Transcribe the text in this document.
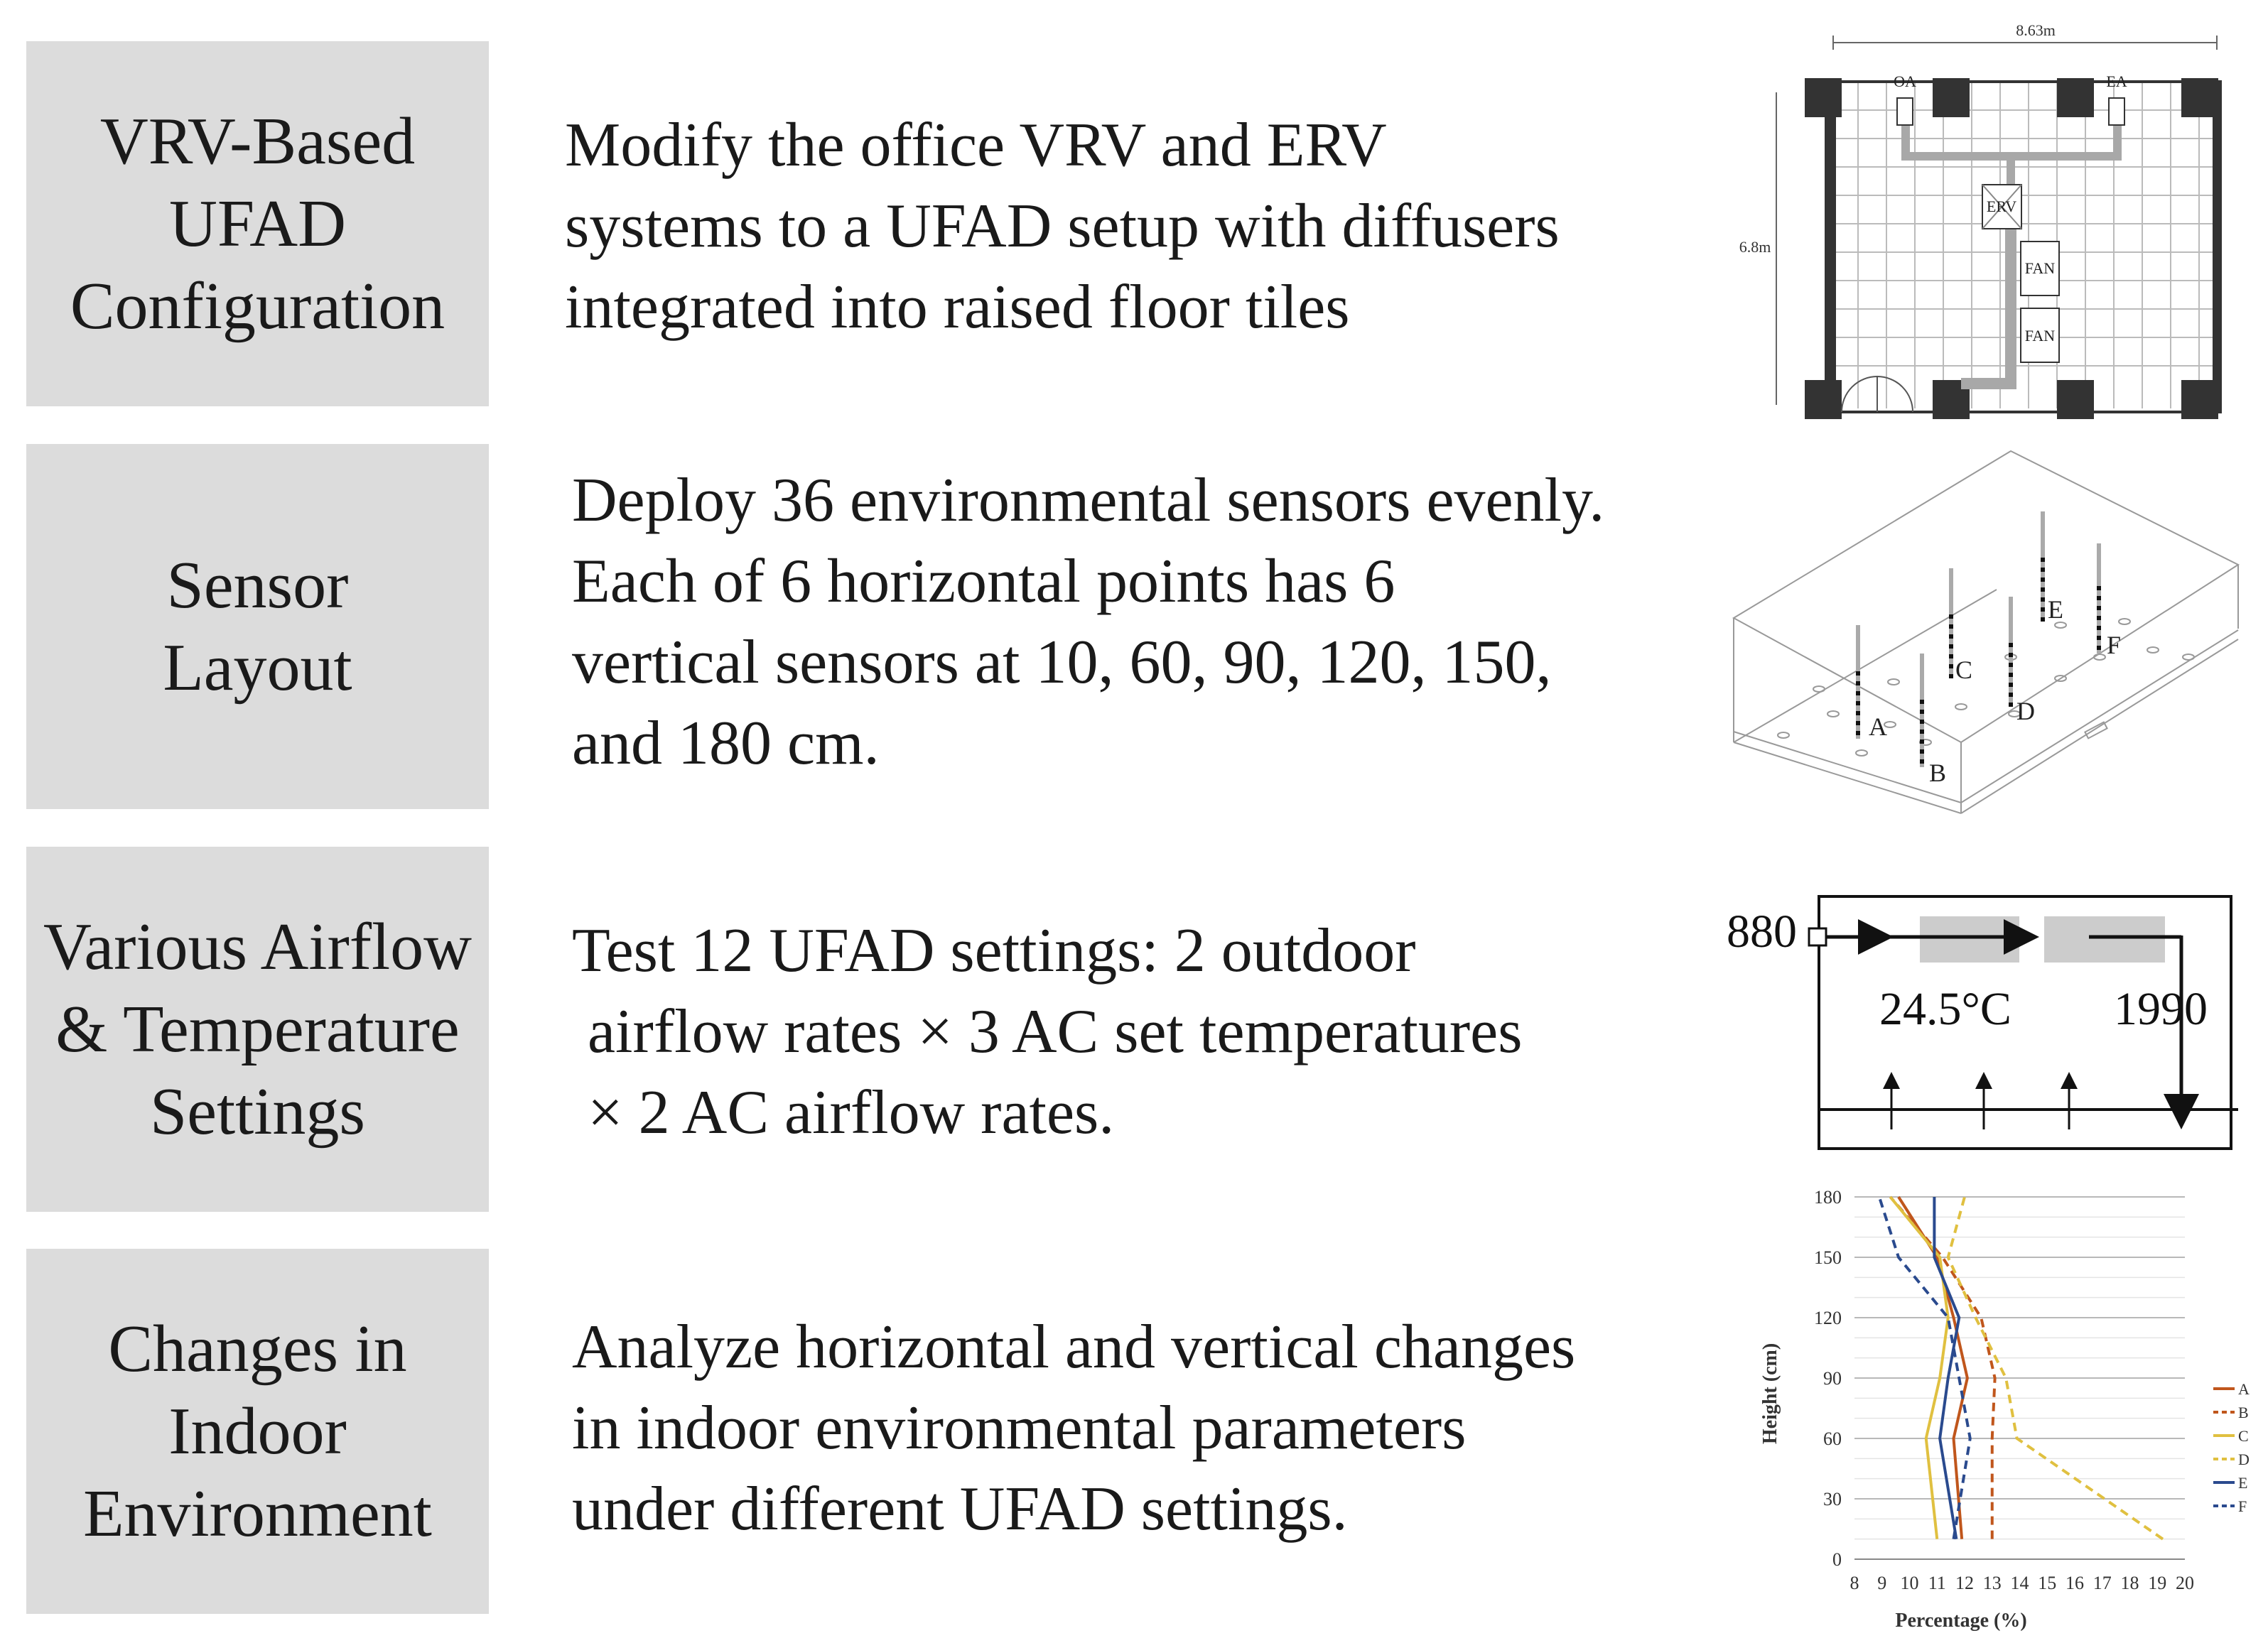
VRV-Based
UFAD
Configuration
Modify the office VRV and ERV
systems to a UFAD setup with diffusers
integrated into raised floor tiles
8.63m
6.8m
OA	EA
ERV
FAN
FAN
Sensor
Layout
Deploy 36 environmental sensors evenly.
Each of 6 horizontal points has 6
vertical sensors at 10, 60, 90, 120, 150,
and 180 cm.	A
B
C
D
E
F
Various Airflow
& Temperature
Settings
Test 12 UFAD settings: 2 outdoor
airflow rates × 3 AC set temperatures
× 2 AC airflow rates.
880
24.5°C 1990
Changes in
Indoor
Environment
Analyze horizontal and vertical changes
in indoor environmental parameters
under different UFAD settings.
0
30
60
90
120
150
180
8 9 10 11 12 13 14 15 16 17 18 19 20
A
B
C
D
E
F
Percentage (%)
Height (cm)
